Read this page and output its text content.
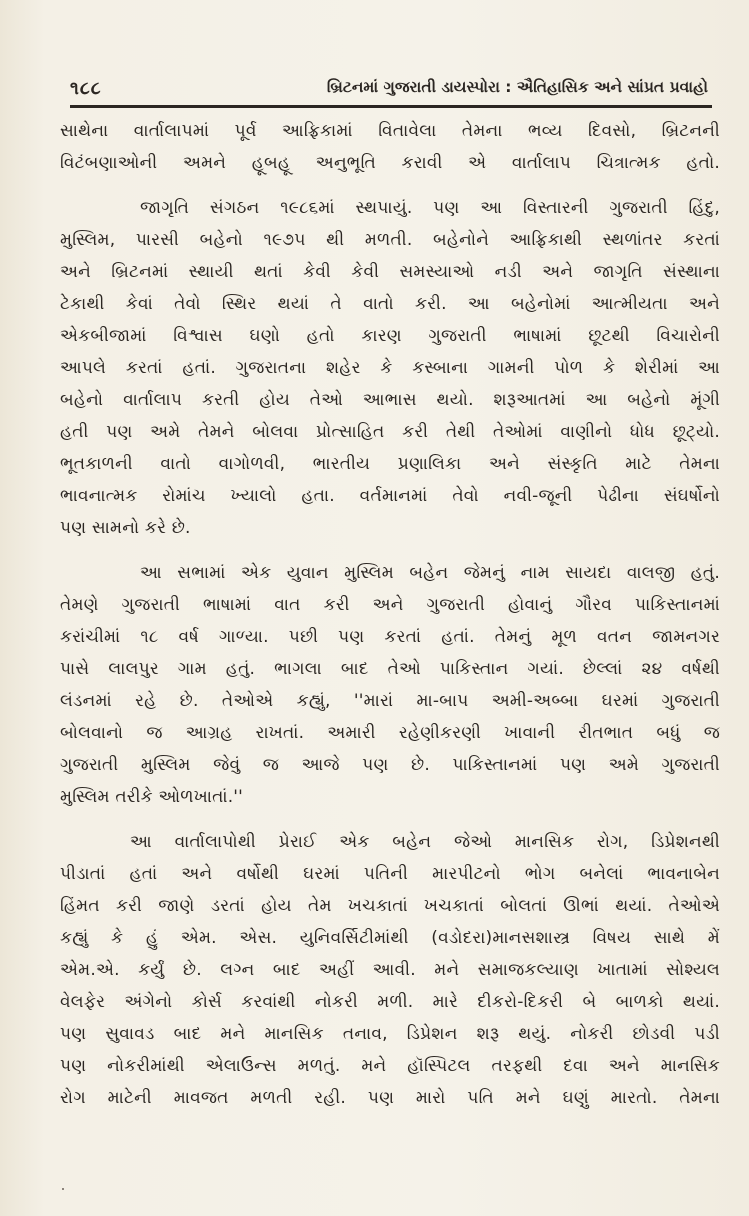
૧૮૮	બ્રિટનમાં ગુજરાતી ડાયસ્પોરા : ઐતિહાસિક અને સાંપ્રત પ્રવાહો
સાથેના વાર્તાલાપમાં પૂર્વ આફ્રિકામાં વિતાવેલા તેમના ભવ્ય દિવસો, બ્રિટનની
વિટંબણાઓની અમને હૂબહૂ અનુભૂતિ કરાવી એ વાર્તાલાપ ચિત્રાત્મક હતો.
જાગૃતિ સંગઠન ૧૯૮૬માં સ્થપાયું. પણ આ વિસ્તારની ગુજરાતી હિંદુ,
મુસ્લિમ, પારસી બહેનો ૧૯૭૫ થી મળતી. બહેનોને આફ્રિકાથી સ્થળાંતર કરતાં
અને બ્રિટનમાં સ્થાયી થતાં કેવી કેવી સમસ્યાઓ નડી અને જાગૃતિ સંસ્થાના
ટેકાથી કેવાં તેવો સ્થિર થયાં તે વાતો કરી. આ બહેનોમાં આત્મીયતા અને
એકબીજામાં વિશ્વાસ ઘણો હતો કારણ ગુજરાતી ભાષામાં છૂટથી વિચારોની
આપલે કરતાં હતાં. ગુજરાતના શહેર કે કસ્બાના ગામની પોળ કે શેરીમાં આ
બહેનો વાર્તાલાપ કરતી હોય તેઓ આભાસ થયો. શરૂઆતમાં આ બહેનો મૂંગી
હતી પણ અમે તેમને બોલવા પ્રોત્સાહિત કરી તેથી તેઓમાં વાણીનો ધોધ છૂટ્યો.
ભૂતકાળની વાતો વાગોળવી, ભારતીય પ્રણાલિકા અને સંસ્કૃતિ માટે તેમના
ભાવનાત્મક રોમાંચ ખ્યાલો હતા. વર્તમાનમાં તેવો નવી-જૂની પેઢીના સંઘર્ષોનો
પણ સામનો કરે છે.
આ સભામાં એક યુવાન મુસ્લિમ બહેન જેમનું નામ સાયદા વાલજી હતું.
તેમણે ગુજરાતી ભાષામાં વાત કરી અને ગુજરાતી હોવાનું ગૌરવ પાકિસ્તાનમાં
કરાંચીમાં ૧૮ વર્ષ ગાળ્યા. પછી પણ કરતાં હતાં. તેમનું મૂળ વતન જામનગર
પાસે લાલપુર ગામ હતું. ભાગલા બાદ તેઓ પાકિસ્તાન ગયાં. છેલ્લાં ૨૪ વર્ષથી
લંડનમાં રહે છે. તેઓએ કહ્યું, ''મારાં મા-બાપ અમી-અબ્બા ઘરમાં ગુજરાતી
બોલવાનો જ આગ્રહ રાખતાં. અમારી રહેણીકરણી ખાવાની રીતભાત બધું જ
ગુજરાતી મુસ્લિમ જેવું જ આજે પણ છે. પાકિસ્તાનમાં પણ અમે ગુજરાતી
મુસ્લિમ તરીકે ઓળખાતાં.''
આ વાર્તાલાપોથી પ્રેરાઈ એક બહેન જેઓ માનસિક રોગ, ડિપ્રેશનથી
પીડાતાં હતાં અને વર્ષોથી ઘરમાં પતિની મારપીટનો ભોગ બનેલાં ભાવનાબેન
હિંમત કરી જાણે ડરતાં હોય તેમ ખચકાતાં ખચકાતાં બોલતાં ઊભાં થયાં. તેઓએ
કહ્યું કે હું એમ. એસ. યુનિવર્સિટીમાંથી (વડોદરા)માનસશાસ્ત્ર વિષય સાથે મેં
એમ.એ. કર્યું છે. લગ્ન બાદ અહીં આવી. મને સમાજકલ્યાણ ખાતામાં સોશ્યલ
વેલફેર અંગેનો કોર્સ કરવાંથી નોકરી મળી. મારે દીકરો-દિકરી બે બાળકો થયાં.
પણ સુવાવડ બાદ મને માનસિક તનાવ, ડિપ્રેશન શરૂ થયું. નોકરી છોડવી પડી
પણ નોકરીમાંથી એલાઉન્સ મળતું. મને હૉસ્પિટલ તરફથી દવા અને માનસિક
રોગ માટેની માવજત મળતી રહી. પણ મારો પતિ મને ઘણું મારતો. તેમના
